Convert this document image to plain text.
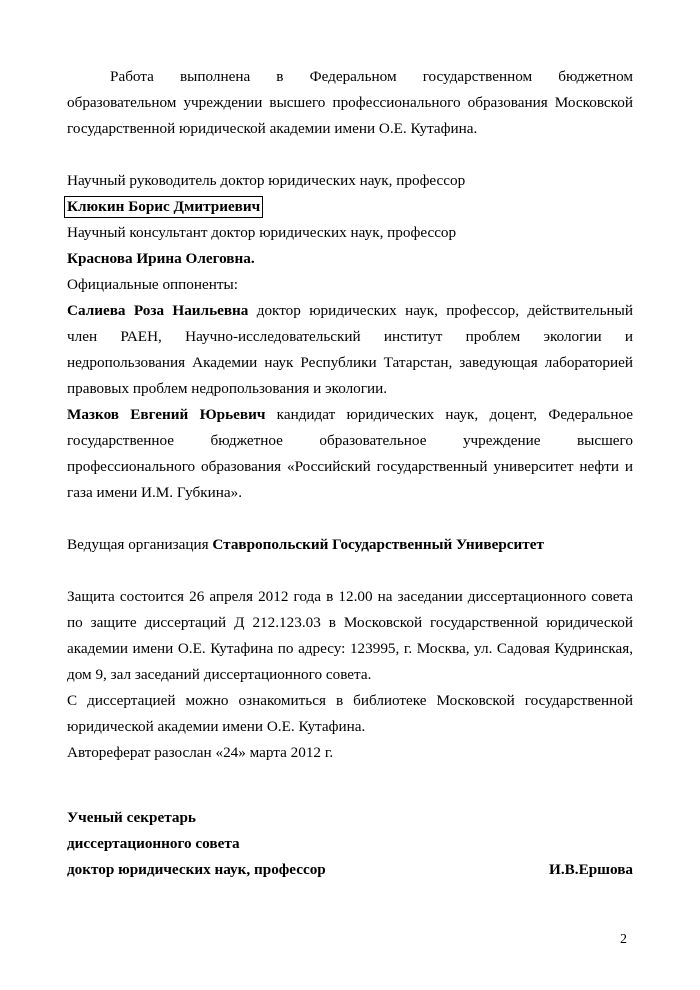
Работа выполнена в Федеральном государственном бюджетном образовательном учреждении высшего профессионального образования Московской государственной юридической академии имени О.Е. Кутафина.

Научный руководитель доктор юридических наук, профессор

Клюкин Борис Дмитриевич

Научный консультант доктор юридических наук, профессор

Краснова Ирина Олеговна.

Официальные оппоненты:

Салиева Роза Наильевна доктор юридических наук, профессор, действительный член РАЕН, Научно-исследовательский институт проблем экологии и недропользования Академии наук Республики Татарстан, заведующая лабораторией правовых проблем недропользования и экологии.

Мазков Евгений Юрьевич кандидат юридических наук, доцент, Федеральное государственное бюджетное образовательное учреждение высшего профессионального образования «Российский государственный университет нефти и газа имени И.М. Губкина».

Ведущая организация Ставропольский Государственный Университет

Защита состоится 26 апреля 2012 года в 12.00 на заседании диссертационного совета по защите диссертаций Д 212.123.03 в Московской государственной юридической академии имени О.Е. Кутафина по адресу: 123995, г. Москва, ул. Садовая Кудринская, дом 9, зал заседаний диссертационного совета.

С диссертацией можно ознакомиться в библиотеке Московской государственной юридической академии имени О.Е. Кутафина.

Автореферат разослан «24» марта 2012 г.

Ученый секретарь

диссертационного совета

доктор юридических наук, профессор	И.В.Ершова
2
